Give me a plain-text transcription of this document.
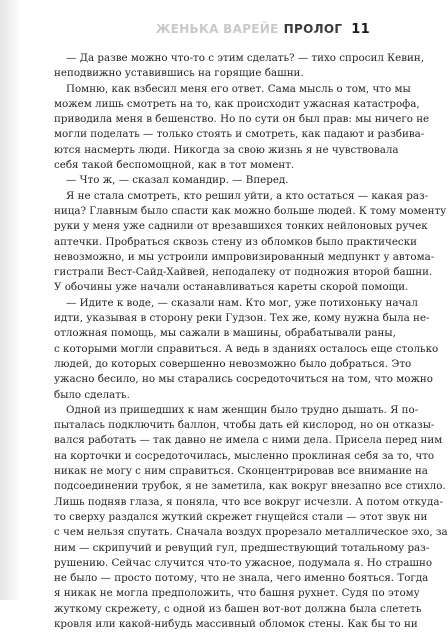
ЖЕНЬКА ВАРЕЙЕ ПРОЛОГ 11
— Да разве можно что-то с этим сделать? — тихо спросил Кевин,
неподвижно уставившись на горящие башни.
Помню, как взбесил меня его ответ. Сама мысль о том, что мы
можем лишь смотреть на то, как происходит ужасная катастрофа,
приводила меня в бешенство. Но по сути он был прав: мы ничего не
могли поделать — только стоять и смотреть, как падают и разбива-
ются насмерть люди. Никогда за свою жизнь я не чувствовала
себя такой беспомощной, как в тот момент.
— Что ж, — сказал командир. — Вперед.
Я не стала смотреть, кто решил уйти, а кто остаться — какая раз-
ница? Главным было спасти как можно больше людей. К тому моменту
руки у меня уже саднили от врезавшихся тонких нейлоновых ручек
аптечки. Пробраться сквозь стену из обломков было практически
невозможно, и мы устроили импровизированный медпункт у автома-
гистрали Вест-Сайд-Хайвей, неподалеку от подножия второй башни.
У обочины уже начали останавливаться кареты скорой помощи.
— Идите к воде, — сказали нам. Кто мог, уже потихоньку начал
идти, указывая в сторону реки Гудзон. Тех же, кому нужна была не-
отложная помощь, мы сажали в машины, обрабатывали раны,
с которыми могли справиться. А ведь в зданиях осталось еще столько
людей, до которых совершенно невозможно было добраться. Это
ужасно бесило, но мы старались сосредоточиться на том, что можно
было сделать.
Одной из пришедших к нам женщин было трудно дышать. Я по-
пыталась подключить баллон, чтобы дать ей кислород, но он отказы-
вался работать — так давно не имела с ними дела. Присела перед ним
на корточки и сосредоточилась, мысленно проклиная себя за то, что
никак не могу с ним справиться. Сконцентрировав все внимание на
подсоединении трубок, я не заметила, как вокруг внезапно все стихло.
Лишь подняв глаза, я поняла, что все вокруг исчезли. А потом откуда-
то сверху раздался жуткий скрежет гнущейся стали — этот звук ни
с чем нельзя спутать. Сначала воздух прорезало металлическое эхо, за
ним — скрипучий и ревущий гул, предшествующий тотальному раз-
рушению. Сейчас случится что-то ужасное, подумала я. Но страшно
не было — просто потому, что не знала, чего именно бояться. Тогда
я никак не могла предположить, что башня рухнет. Судя по этому
жуткому скрежету, с одной из башен вот-вот должна была слететь
кровля или какой-нибудь массивный обломок стены. Как бы то ни
